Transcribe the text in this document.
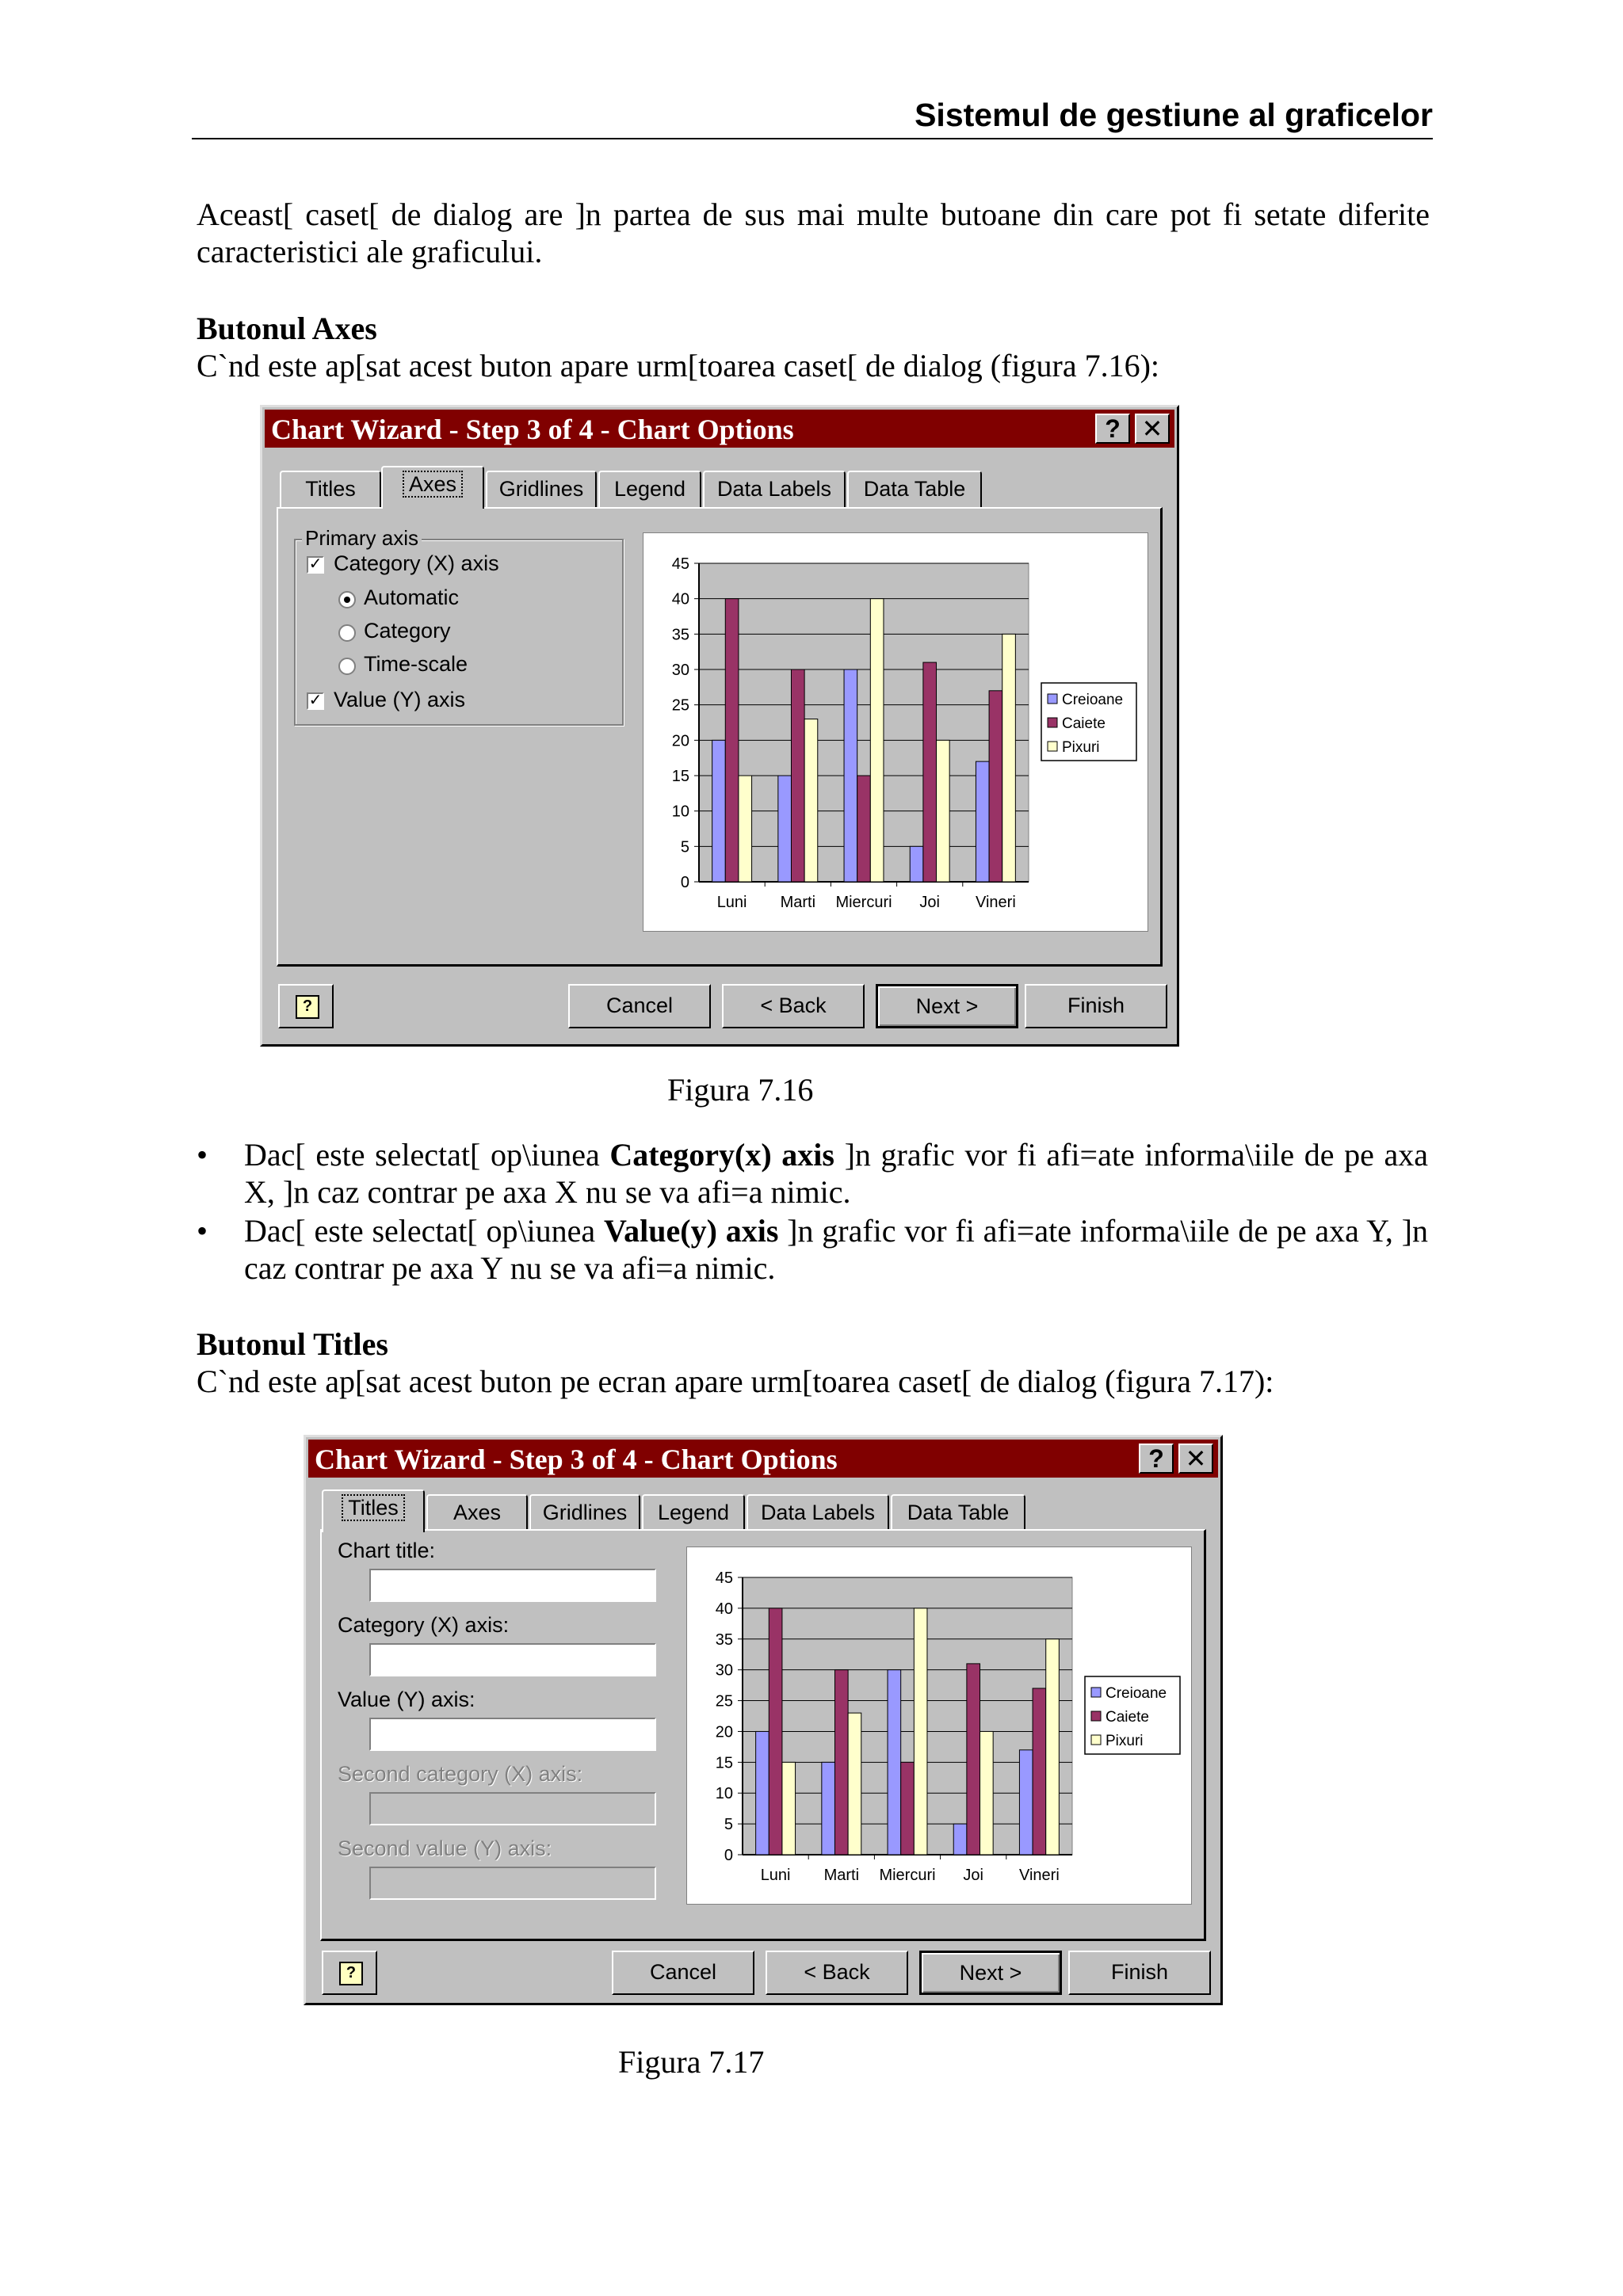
Sistemul de gestiune al graficelor
Aceast[ caset[ de dialog are ]n partea de sus mai multe butoane din care pot fi setate diferite caracteristici ale graficului.
Butonul Axes
C`nd este ap[sat acest buton apare urm[toarea caset[ de dialog (figura 7.16):
Chart Wizard - Step 3 of 4 - Chart Options	? ✕
Titles	Axes	Gridlines	Legend	Data Labels	Data Table
Primary axis
✓ Category (X) axis
Automatic
Category
Time-scale
✓ Value (Y) axis
0
5
10
15
20
25
30
35
40
45
Luni Marti Miercuri Joi Vineri
Creioane
Caiete
Pixuri
?	Cancel	< Back	Next >	Finish
Figura 7.16
•	Dac[ este selectat[ op\iunea Category(x) axis ]n grafic vor fi afi=ate informa\iile de pe axa X, ]n caz contrar pe axa X nu se va afi=a nimic.
•	Dac[ este selectat[ op\iunea Value(y) axis ]n grafic vor fi afi=ate informa\iile de pe axa Y, ]n caz contrar pe axa Y nu se va afi=a nimic.
Butonul Titles
C`nd este ap[sat acest buton pe ecran apare urm[toarea caset[ de dialog (figura 7.17):
Chart Wizard - Step 3 of 4 - Chart Options	? ✕
Titles	Axes	Gridlines	Legend	Data Labels	Data Table
Chart title:
Category (X) axis:
Value (Y) axis:
Second category (X) axis:
Second value (Y) axis:	0
5
10
15
20
25
30
35
40
45
Luni Marti Miercuri Joi Vineri
Creioane
Caiete
Pixuri
?	Cancel	< Back	Next >	Finish
Figura 7.17
